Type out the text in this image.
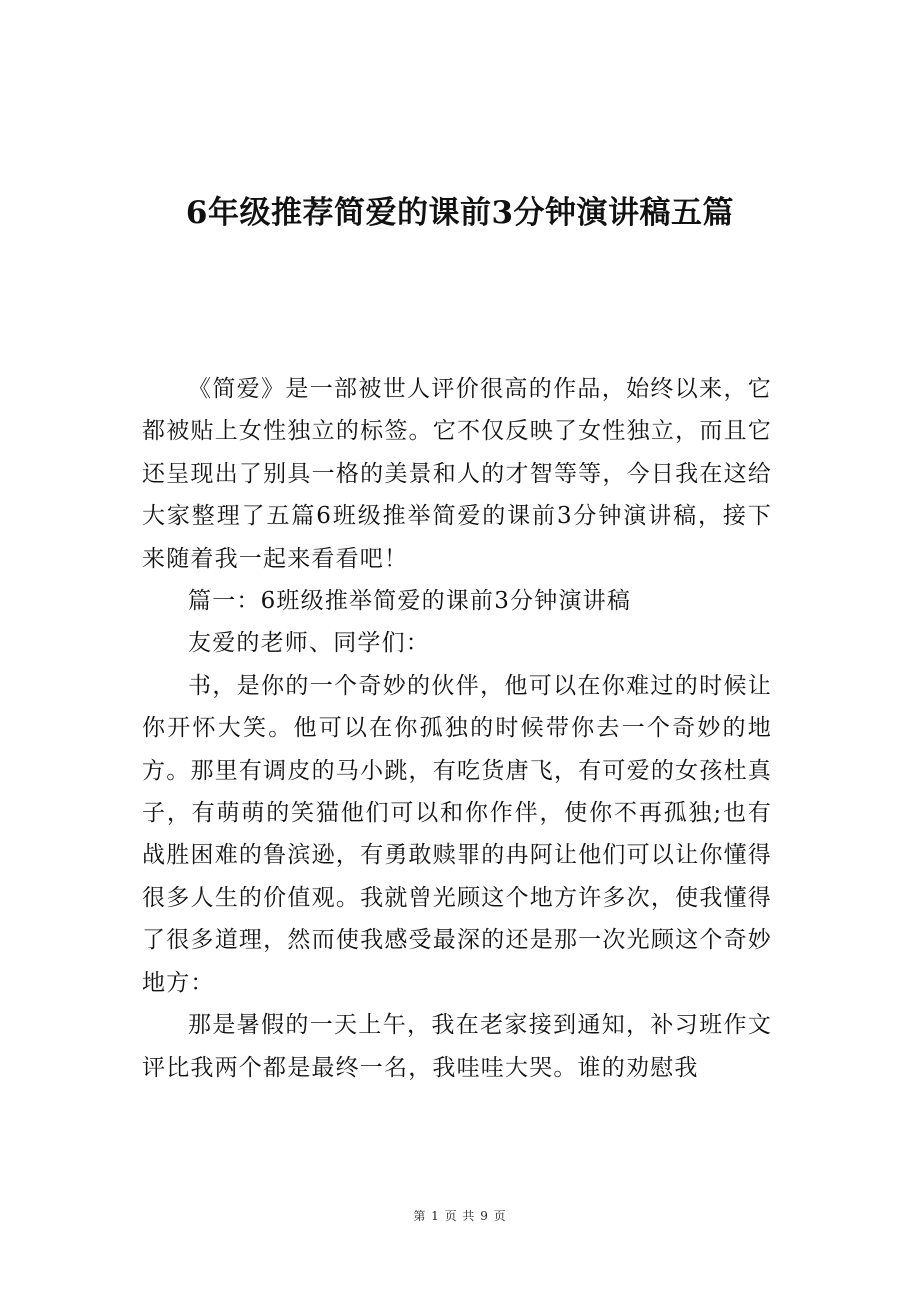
6年级推荐简爱的课前3分钟演讲稿五篇

《简爱》是一部被世人评价很高的作品，始终以来，它都被贴上女性独立的标签。它不仅反映了女性独立，而且它还呈现出了别具一格的美景和人的才智等等，今日我在这给大家整理了五篇6班级推举简爱的课前3分钟演讲稿，接下来随着我一起来看看吧！

篇一：6班级推举简爱的课前3分钟演讲稿

友爱的老师、同学们：

书，是你的一个奇妙的伙伴，他可以在你难过的时候让你开怀大笑。他可以在你孤独的时候带你去一个奇妙的地方。那里有调皮的马小跳，有吃货唐飞，有可爱的女孩杜真子，有萌萌的笑猫他们可以和你作伴，使你不再孤独;也有战胜困难的鲁滨逊，有勇敢赎罪的冉阿让他们可以让你懂得很多人生的价值观。我就曾光顾这个地方许多次，使我懂得了很多道理，然而使我感受最深的还是那一次光顾这个奇妙地方：

那是暑假的一天上午，我在老家接到通知，补习班作文评比我两个都是最终一名，我哇哇大哭。谁的劝慰我

第 1 页 共 9 页
